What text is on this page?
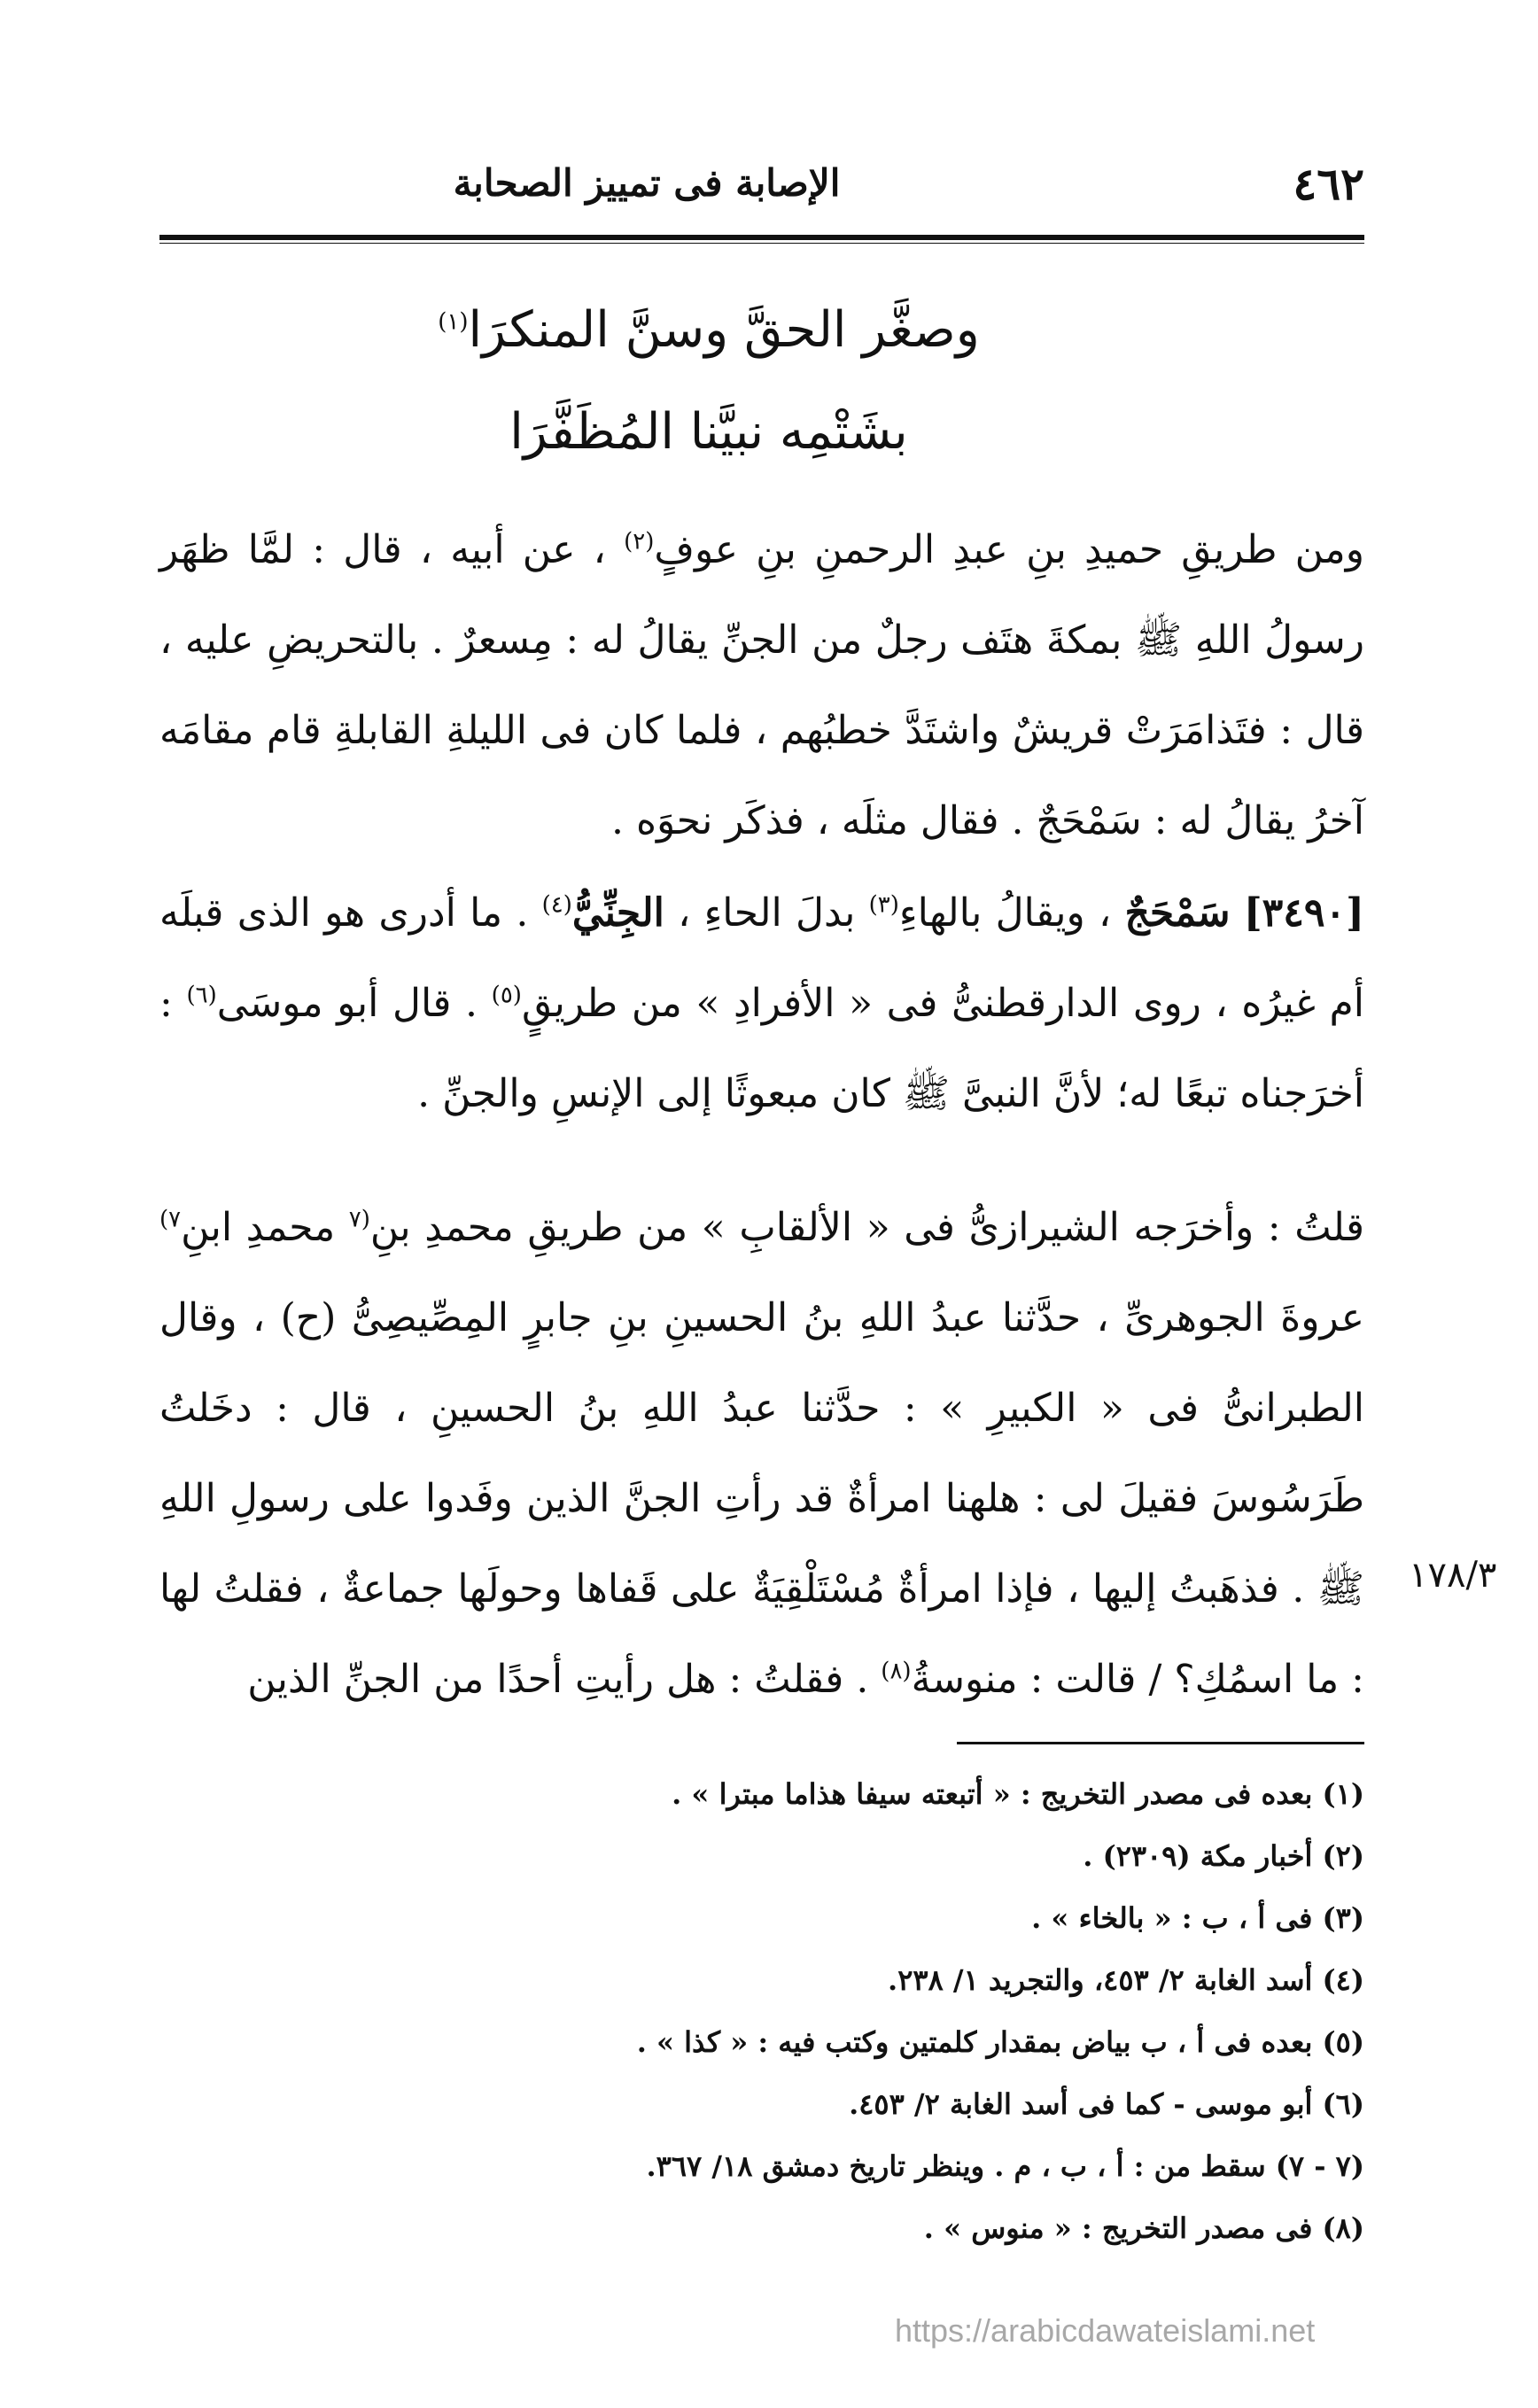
٤٦٢
الإصابة فى تمييز الصحابة
وصغَّر الحقَّ وسنَّ المنكرَا$^{(١)}$
بشَتْمِه نبيَّنا المُظَفَّرَا
ومن طريقِ حميدِ بنِ عبدِ الرحمنِ بنِ عوفٍ$^{(٢)}$ ، عن أبيه ، قال : لمَّا ظهَر رسولُ اللهِ ﷺ بمكةَ هتَف رجلٌ من الجنِّ يقالُ له : مِسعرٌ . بالتحريضِ عليه ، قال : فتَذامَرَتْ قريشٌ واشتَدَّ خطبُهم ، فلما كان فى الليلةِ القابلةِ قام مقامَه آخرُ يقالُ له : سَمْحَجٌ . فقال مثلَه ، فذكَر نحوَه .
[٣٤٩٠] سَمْحَجٌ ، ويقالُ بالهاءِ$^{(٣)}$ بدلَ الحاءِ ، الجِنِّيُّ$^{(٤)}$ . ما أدرى هو الذى قبلَه أم غيرُه ، روى الدارقطنىُّ فى « الأفرادِ » من طريقٍ$^{(٥)}$ . قال أبو موسَى$^{(٦)}$ : أخرَجناه تبعًا له؛ لأنَّ النبىَّ ﷺ كان مبعوثًا إلى الإنسِ والجنِّ .
قلتُ : وأخرَجه الشيرازىُّ فى « الألقابِ » من طريقِ محمدِ بنِ$^{(٧}$ محمدِ ابنِ$^{٧)}$ عروةَ الجوهرىِّ ، حدَّثنا عبدُ اللهِ بنُ الحسينِ بنِ جابرٍ المِصِّيصِىُّ (ح) ، وقال الطبرانىُّ فى « الكبيرِ » : حدَّثنا عبدُ اللهِ بنُ الحسينِ ، قال : دخَلتُ طَرَسُوسَ فقيلَ لى : هلهنا امرأةٌ قد رأتِ الجنَّ الذين وفَدوا على رسولِ اللهِ ﷺ . فذهَبتُ إليها ، فإذا امرأةٌ مُسْتَلْقِيَةٌ على قَفاها وحولَها جماعةٌ ، فقلتُ لها : ما اسمُكِ؟ / قالت : منوسةُ$^{(٨)}$ . فقلتُ : هل رأيتِ أحدًا من الجنِّ الذين
١٧٨/٣
(١) بعده فى مصدر التخريج : « أتبعته سيفا هذاما مبترا » .
(٢) أخبار مكة (٢٣٠٩) .
(٣) فى أ ، ب : « بالخاء » .
(٤) أسد الغابة ٢/ ٤٥٣، والتجريد ١/ ٢٣٨.
(٥) بعده فى أ ، ب بياض بمقدار كلمتين وكتب فيه : « كذا » .
(٦) أبو موسى - كما فى أسد الغابة ٢/ ٤٥٣.
(٧ - ٧) سقط من : أ ، ب ، م . وينظر تاريخ دمشق ١٨/ ٣٦٧.
(٨) فى مصدر التخريج : « منوس » .
https://arabicdawateislami.net
